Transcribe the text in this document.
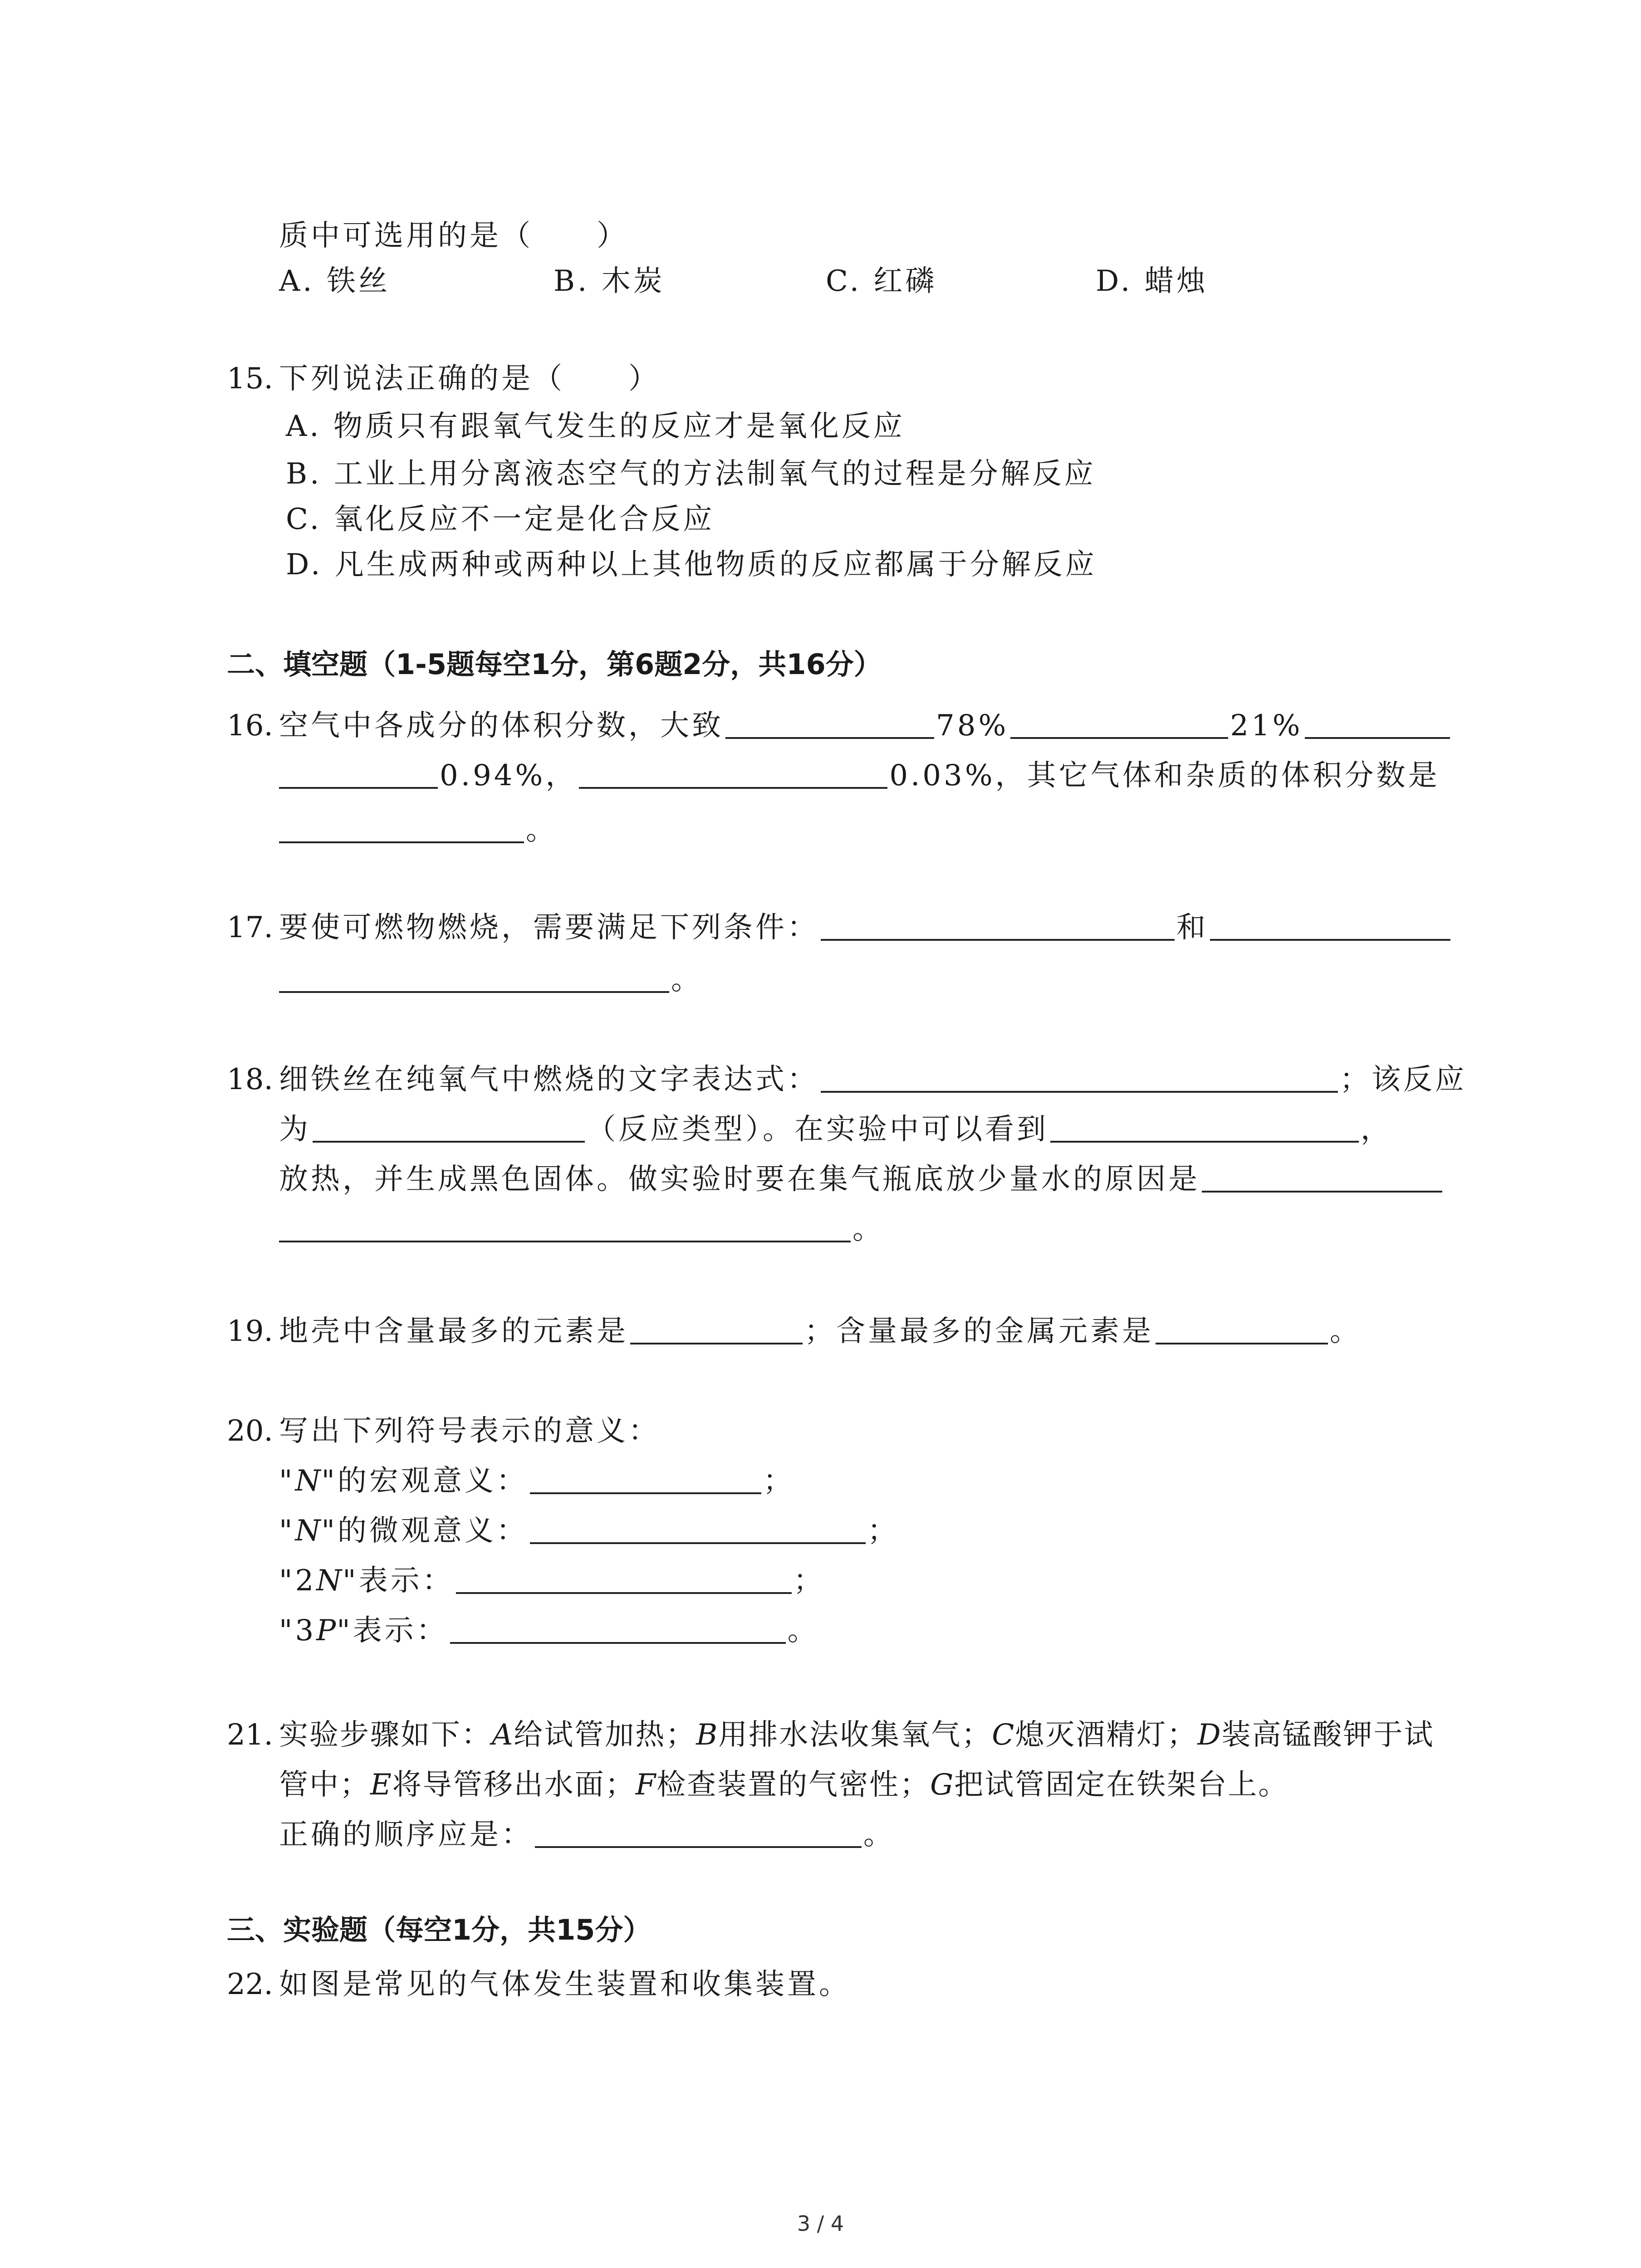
质中可选用的是（　　）
A. 铁丝	B. 木炭	C. 红磷	D. 蜡烛
15. 下列说法正确的是（　　）
A. 物质只有跟氧气发生的反应才是氧化反应
B. 工业上用分离液态空气的方法制氧气的过程是分解反应
C. 氧化反应不一定是化合反应
D. 凡生成两种或两种以上其他物质的反应都属于分解反应
二、填空题（1-5题每空1分，第6题2分，共16分）
16. 空气中各成分的体积分数，大致	78%	21%
0.94%，	0.03%，其它气体和杂质的体积分数是
。
17. 要使可燃物燃烧，需要满足下列条件：	和
。
18. 细铁丝在纯氧气中燃烧的文字表达式：	；该反应
为	（反应类型）。在实验中可以看到	，
放热，并生成黑色固体。做实验时要在集气瓶底放少量水的原因是
。
19. 地壳中含量最多的元素是	；含量最多的金属元素是	。
20. 写出下列符号表示的意义：
"N"的宏观意义：	；
"N"的微观意义：	；
"2N"表示：	；
"3P"表示：	。
21. 实验步骤如下：A给试管加热；B用排水法收集氧气；C熄灭酒精灯；D装高锰酸钾于试
管中；E将导管移出水面；F检查装置的气密性；G把试管固定在铁架台上。
正确的顺序应是：	。
三、实验题（每空1分，共15分）
22. 如图是常见的气体发生装置和收集装置。
3 / 4
